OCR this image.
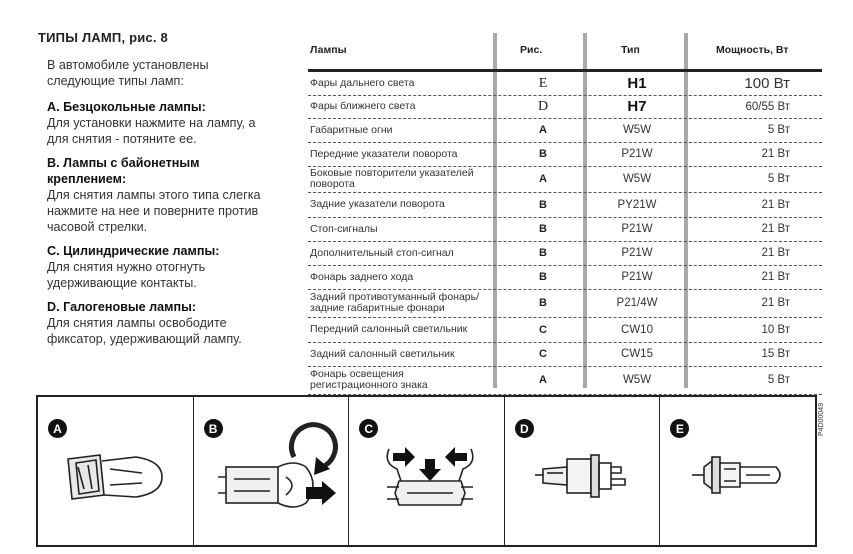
ТИПЫ ЛАМП, рис. 8

В автомобиле установлены следующие типы ламп:

A. Безцокольные лампы:

Для установки нажмите на лампу, а для снятия - потяните ее.

B. Лампы с байонетным креплением:

Для снятия лампы этого типа слегка нажмите на нее и поверните против часовой стрелки.

C. Цилиндрические лампы:

Для снятия нужно отогнуть удерживающие контакты.

D. Галогеновые лампы:

Для снятия лампы освободите фиксатор, удерживающий лампу.

Лампы	Рис.	Тип	Мощность, Вт
Фары дальнего света	E	H1	100 Вт
Фары ближнего света	D	H7	60/55 Вт
Габаритные огни	A	W5W	5 Вт
Передние указатели поворота	B	P21W	21 Вт
Боковые повторители указателей поворота	A	W5W	5 Вт
Задние указатели поворота	B	PY21W	21 Вт
Стоп-сигналы	B	P21W	21 Вт
Дополнительный стоп-сигнал	B	P21W	21 Вт
Фонарь заднего хода	B	P21W	21 Вт
Задний противотуманный фонарь/ задние габаритные фонари	B	P21/4W	21 Вт
Передний салонный светильник	C	CW10	10 Вт
Задний салонный светильник	C	CW15	15 Вт
Фонарь освещения регистрационного знака	A	W5W	5 Вт
A	B	C	D	E	P4D00049
